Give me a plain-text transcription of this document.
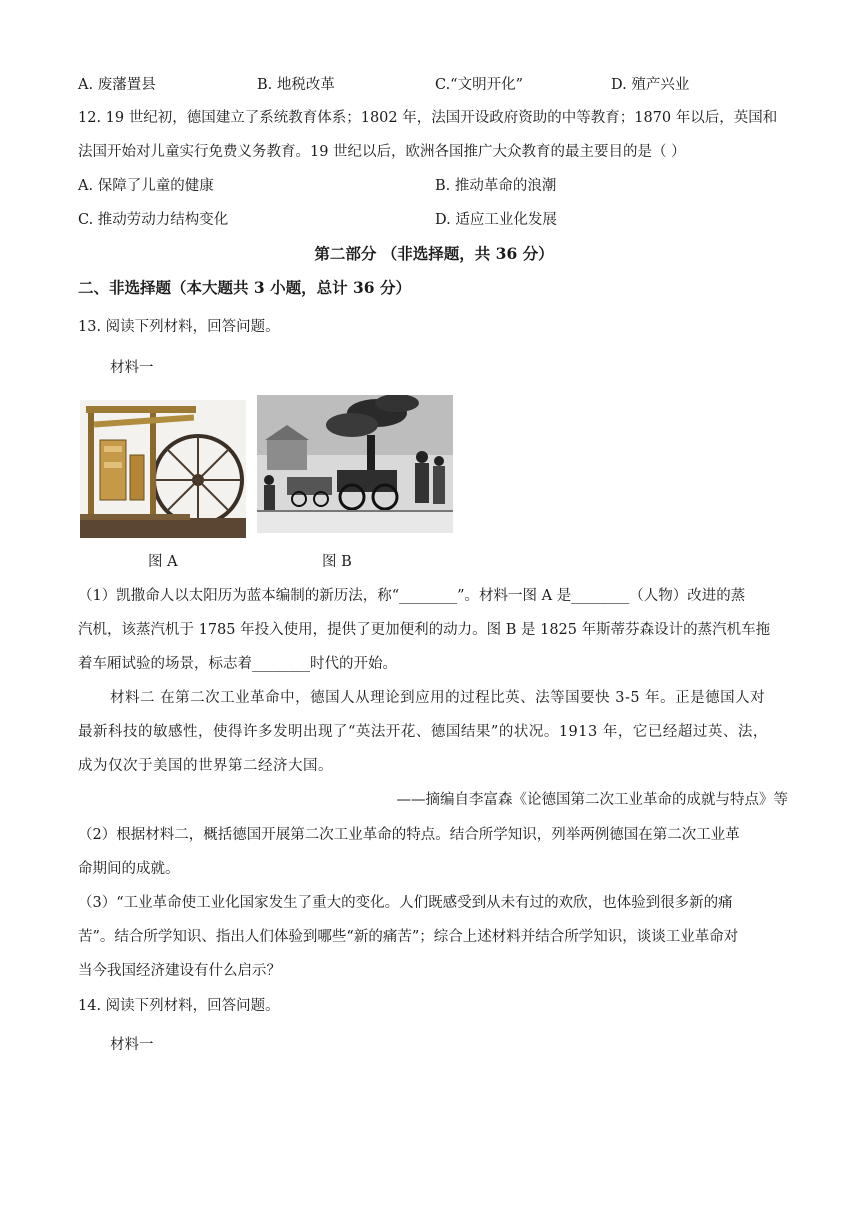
A. 废藩置县	B. 地税改革	C.“文明开化”	D. 殖产兴业
12. 19 世纪初，德国建立了系统教育体系；1802 年，法国开设政府资助的中等教育；1870 年以后，英国和
法国开始对儿童实行免费义务教育。19 世纪以后，欧洲各国推广大众教育的最主要目的是（ ）
A. 保障了儿童的健康	B. 推动革命的浪潮
C. 推动劳动力结构变化	D. 适应工业化发展
第二部分 （非选择题，共 36 分）
二、非选择题（本大题共 3 小题，总计 36 分）
13. 阅读下列材料，回答问题。
材料一
图 A	图 B
（1）凯撒命人以太阳历为蓝本编制的新历法，称“________”。材料一图 A 是________（人物）改进的蒸
汽机，该蒸汽机于 1785 年投入使用，提供了更加便利的动力。图 B 是 1825 年斯蒂芬森设计的蒸汽机车拖
着车厢试验的场景，标志着________时代的开始。
材料二 在第二次工业革命中，德国人从理论到应用的过程比英、法等国要快 3-5 年。正是德国人对
最新科技的敏感性，使得许多发明出现了“英法开花、德国结果”的状况。1913 年，它已经超过英、法，
成为仅次于美国的世界第二经济大国。
——摘编自李富森《论德国第二次工业革命的成就与特点》等
（2）根据材料二，概括德国开展第二次工业革命的特点。结合所学知识，列举两例德国在第二次工业革
命期间的成就。
（3）“工业革命使工业化国家发生了重大的变化。人们既感受到从未有过的欢欣，也体验到很多新的痛
苦”。结合所学知识、指出人们体验到哪些“新的痛苦”；综合上述材料并结合所学知识，谈谈工业革命对
当今我国经济建设有什么启示？
14. 阅读下列材料，回答问题。
材料一
